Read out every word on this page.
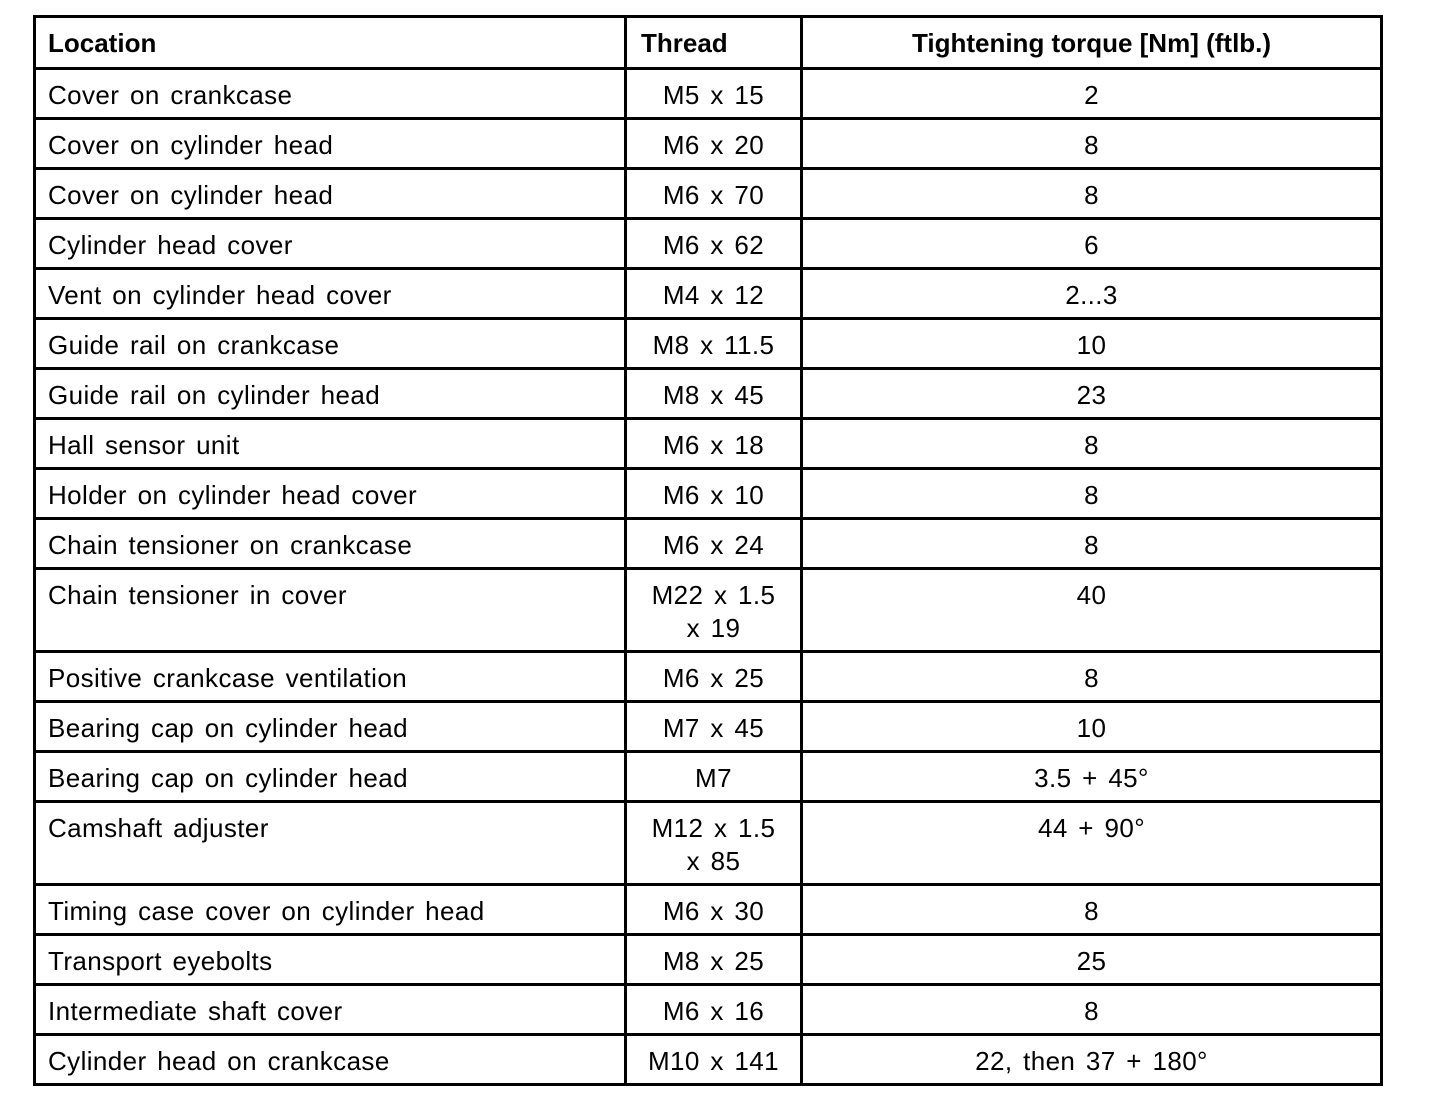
Location	Thread	Tightening torque [Nm] (ftlb.)
Cover on crankcase	M5 x 15	2
Cover on cylinder head	M6 x 20	8
Cover on cylinder head	M6 x 70	8
Cylinder head cover	M6 x 62	6
Vent on cylinder head cover	M4 x 12	2...3
Guide rail on crankcase	M8 x 11.5	10
Guide rail on cylinder head	M8 x 45	23
Hall sensor unit	M6 x 18	8
Holder on cylinder head cover	M6 x 10	8
Chain tensioner on crankcase	M6 x 24	8
Chain tensioner in cover	M22 x 1.5 x 19	40
Positive crankcase ventilation	M6 x 25	8
Bearing cap on cylinder head	M7 x 45	10
Bearing cap on cylinder head	M7	3.5 + 45°
Camshaft adjuster	M12 x 1.5 x 85	44 + 90°
Timing case cover on cylinder head	M6 x 30	8
Transport eyebolts	M8 x 25	25
Intermediate shaft cover	M6 x 16	8
Cylinder head on crankcase	M10 x 141	22, then 37 + 180°
